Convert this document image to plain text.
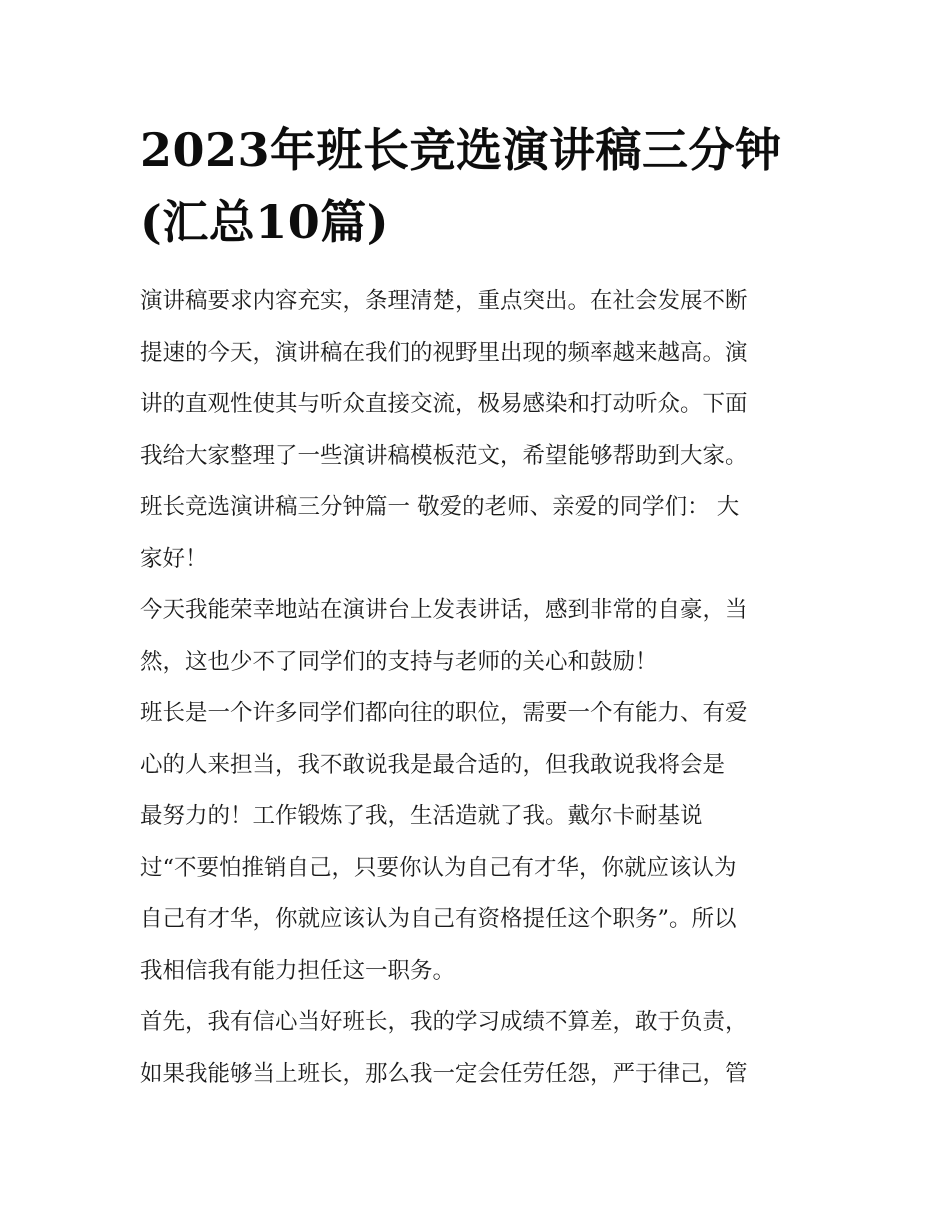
2023年班长竞选演讲稿三分钟
(汇总10篇)

演讲稿要求内容充实，条理清楚，重点突出。在社会发展不断
提速的今天，演讲稿在我们的视野里出现的频率越来越高。演
讲的直观性使其与听众直接交流，极易感染和打动听众。下面
我给大家整理了一些演讲稿模板范文，希望能够帮助到大家。
班长竞选演讲稿三分钟篇一 敬爱的老师、亲爱的同学们： 大
家好！

今天我能荣幸地站在演讲台上发表讲话，感到非常的自豪，当
然，这也少不了同学们的支持与老师的关心和鼓励！

班长是一个许多同学们都向往的职位，需要一个有能力、有爱
心的人来担当，我不敢说我是最合适的，但我敢说我将会是
最努力的！工作锻炼了我，生活造就了我。戴尔卡耐基说
过“不要怕推销自己，只要你认为自己有才华，你就应该认为
自己有才华，你就应该认为自己有资格提任这个职务”。所以
我相信我有能力担任这一职务。

首先，我有信心当好班长，我的学习成绩不算差，敢于负责，
如果我能够当上班长，那么我一定会任劳任怨，严于律己，管
